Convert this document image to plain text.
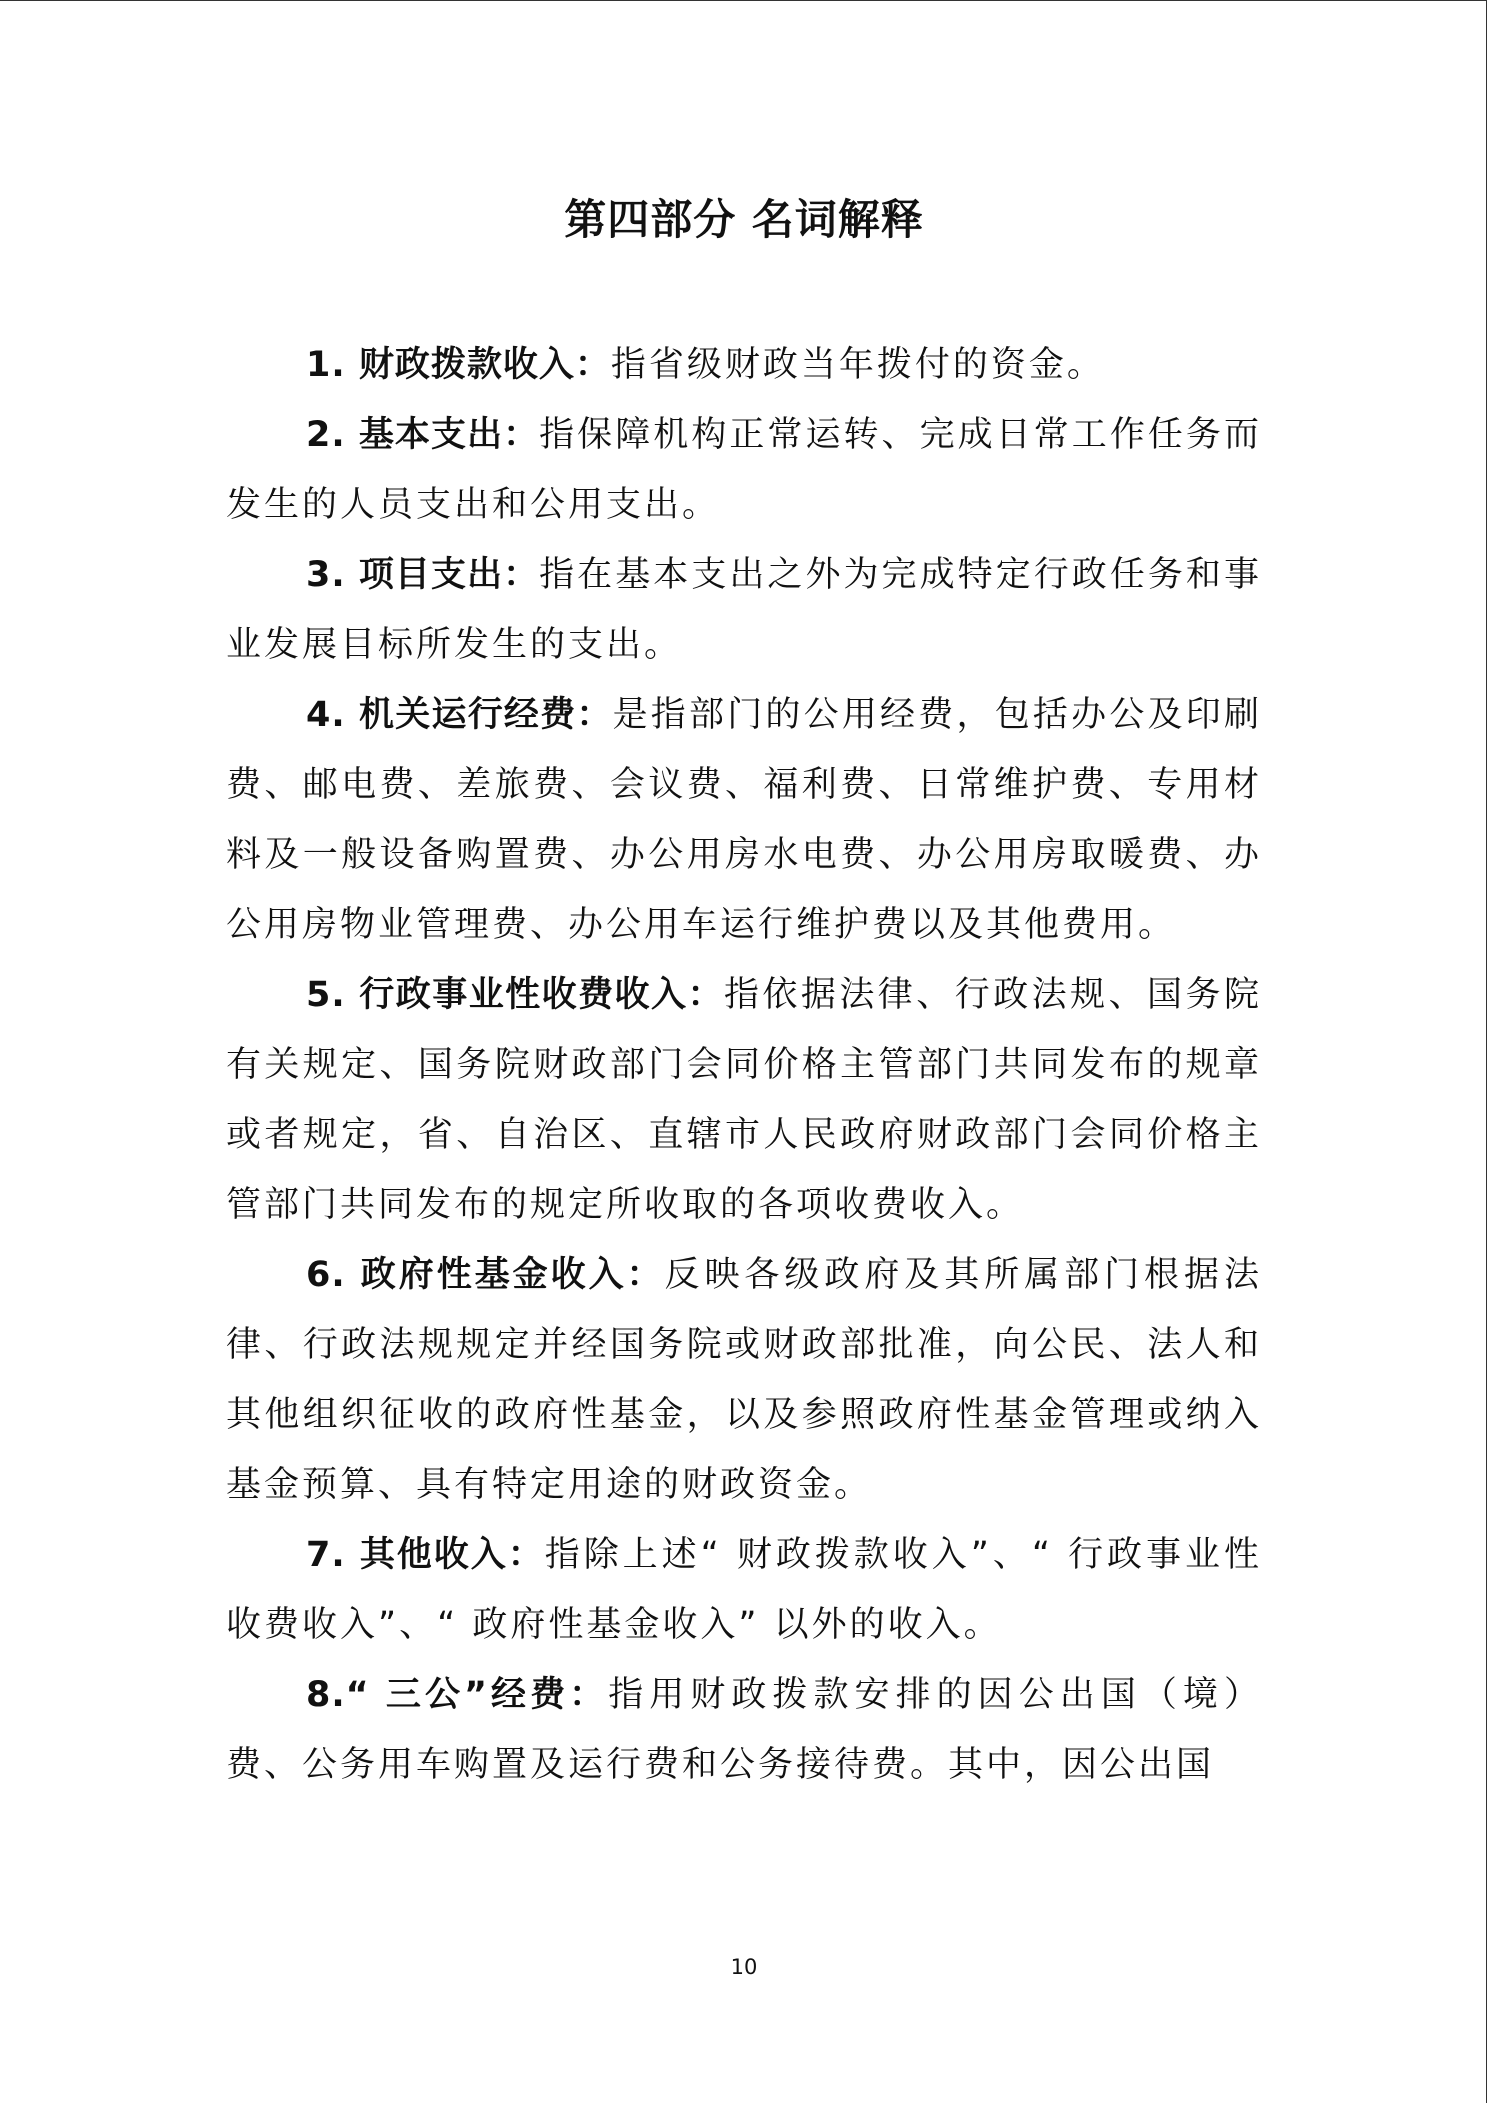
第四部分 名词解释

1. 财政拨款收入：指省级财政当年拨付的资金。

2. 基本支出：指保障机构正常运转、完成日常工作任务而发生的人员支出和公用支出。

3. 项目支出：指在基本支出之外为完成特定行政任务和事业发展目标所发生的支出。

4. 机关运行经费：是指部门的公用经费，包括办公及印刷费、邮电费、差旅费、会议费、福利费、日常维护费、专用材料及一般设备购置费、办公用房水电费、办公用房取暖费、办公用房物业管理费、办公用车运行维护费以及其他费用。

5. 行政事业性收费收入：指依据法律、行政法规、国务院有关规定、国务院财政部门会同价格主管部门共同发布的规章或者规定，省、自治区、直辖市人民政府财政部门会同价格主管部门共同发布的规定所收取的各项收费收入。

6. 政府性基金收入：反映各级政府及其所属部门根据法律、行政法规规定并经国务院或财政部批准，向公民、法人和其他组织征收的政府性基金，以及参照政府性基金管理或纳入基金预算、具有特定用途的财政资金。

7. 其他收入：指除上述“ 财政拨款收入”、“ 行政事业性收费收入”、“ 政府性基金收入” 以外的收入。

8.“ 三公”经费：指用财政拨款安排的因公出国（境）费、公务用车购置及运行费和公务接待费。其中，因公出国

10
